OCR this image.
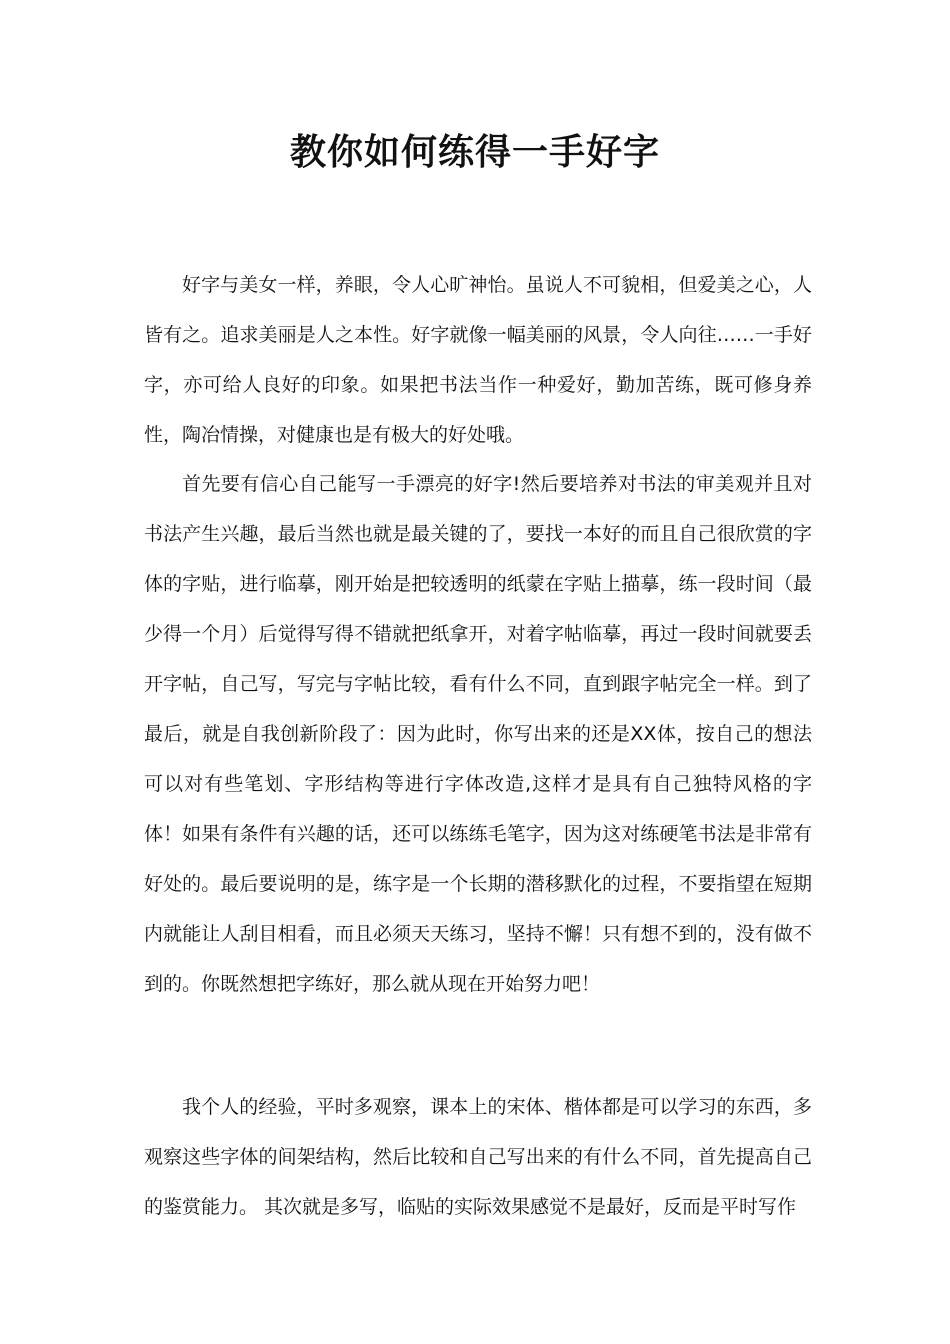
教你如何练得一手好字

好字与美女一样，养眼，令人心旷神怡。虽说人不可貌相，但爱美之心，人皆有之。追求美丽是人之本性。好字就像一幅美丽的风景，令人向往……一手好字，亦可给人良好的印象。如果把书法当作一种爱好，勤加苦练，既可修身养性，陶冶情操，对健康也是有极大的好处哦。

首先要有信心自己能写一手漂亮的好字!然后要培养对书法的审美观并且对书法产生兴趣，最后当然也就是最关键的了，要找一本好的而且自己很欣赏的字体的字贴，进行临摹，刚开始是把较透明的纸蒙在字贴上描摹，练一段时间（最少得一个月）后觉得写得不错就把纸拿开，对着字帖临摹，再过一段时间就要丢开字帖，自己写，写完与字帖比较，看有什么不同，直到跟字帖完全一样。到了最后，就是自我创新阶段了：因为此时，你写出来的还是XX体，按自己的想法可以对有些笔划、字形结构等进行字体改造,这样才是具有自己独特风格的字体！如果有条件有兴趣的话，还可以练练毛笔字，因为这对练硬笔书法是非常有好处的。最后要说明的是，练字是一个长期的潜移默化的过程，不要指望在短期内就能让人刮目相看，而且必须天天练习，坚持不懈！只有想不到的，没有做不到的。你既然想把字练好，那么就从现在开始努力吧！

我个人的经验，平时多观察，课本上的宋体、楷体都是可以学习的东西，多观察这些字体的间架结构，然后比较和自己写出来的有什么不同，首先提高自己的鉴赏能力。 其次就是多写，临贴的实际效果感觉不是最好，反而是平时写作
